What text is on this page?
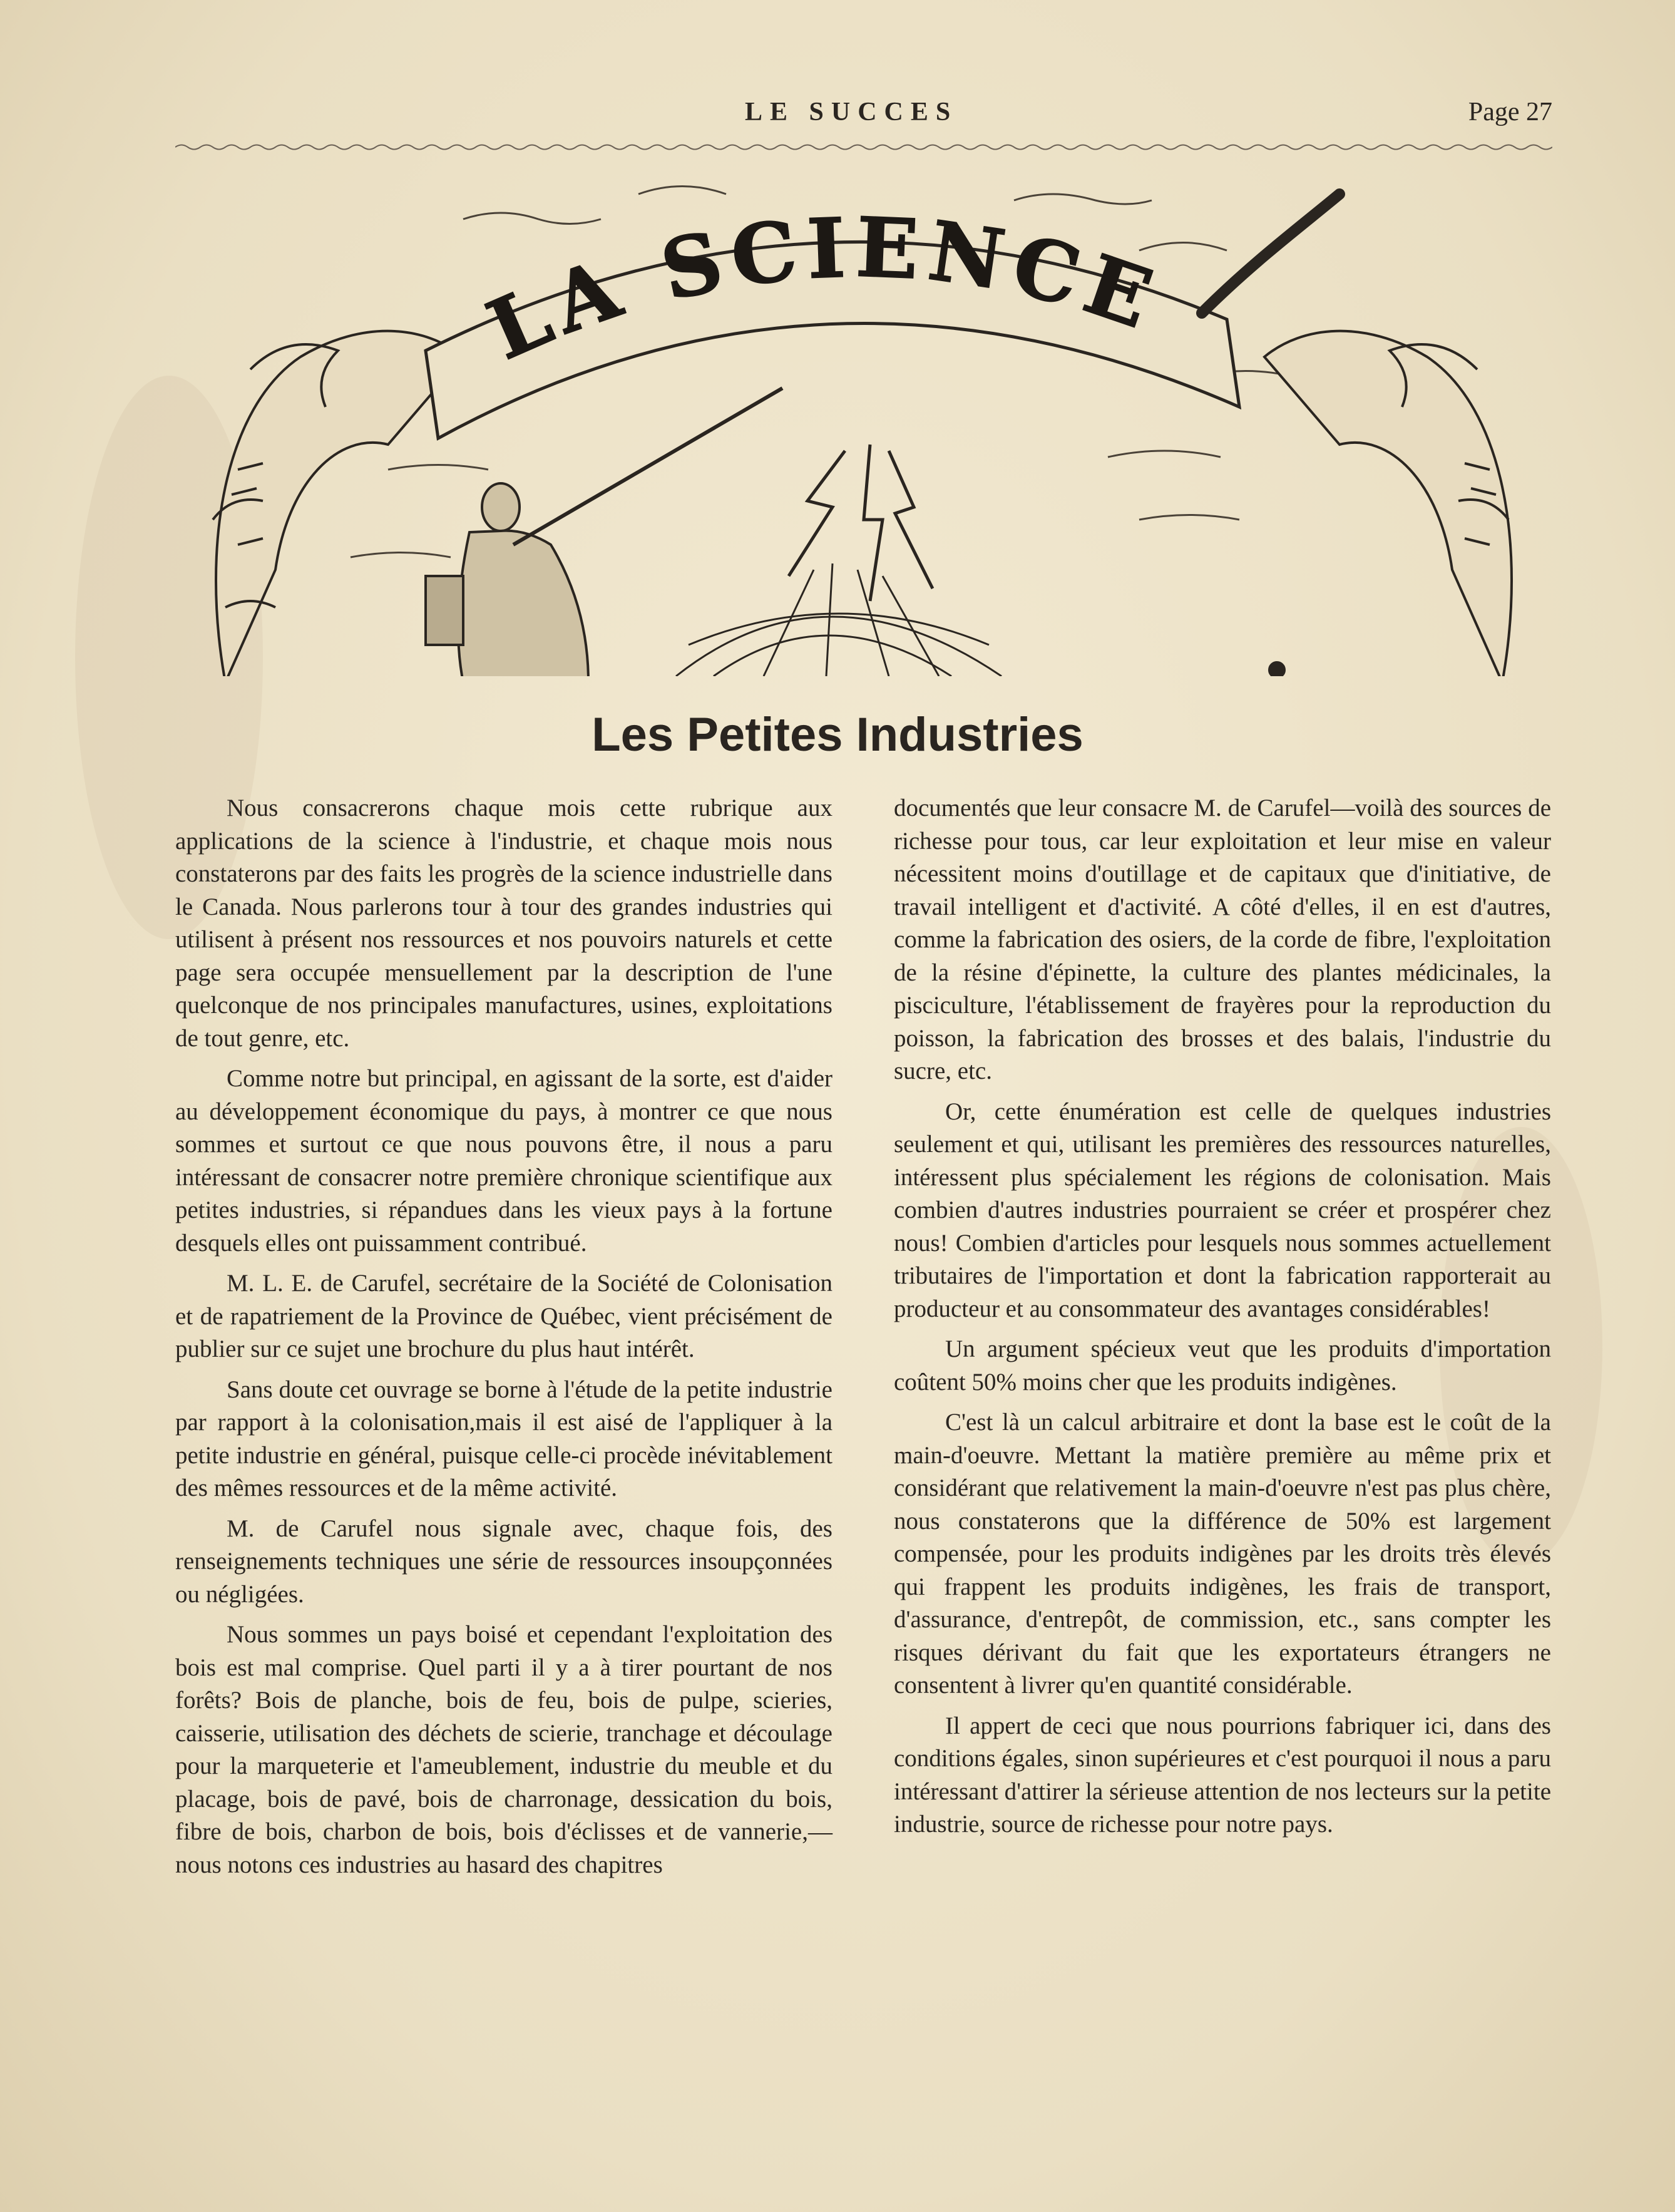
LE SUCCES	Page 27
LA SCIENCE
Les Petites Industries

Nous consacrerons chaque mois cette rubrique aux applications de la science à l'industrie, et chaque mois nous constaterons par des faits les progrès de la science industrielle dans le Canada. Nous parlerons tour à tour des grandes industries qui utilisent à présent nos ressources et nos pouvoirs naturels et cette page sera occupée mensuellement par la description de l'une quelconque de nos principales manufactures, usines, exploitations de tout genre, etc.

Comme notre but principal, en agissant de la sorte, est d'aider au développement économique du pays, à montrer ce que nous sommes et surtout ce que nous pouvons être, il nous a paru intéressant de consacrer notre première chronique scientifique aux petites industries, si répandues dans les vieux pays à la fortune desquels elles ont puissamment contribué.

M. L. E. de Carufel, secrétaire de la Société de Colonisation et de rapatriement de la Province de Québec, vient précisément de publier sur ce sujet une brochure du plus haut intérêt.

Sans doute cet ouvrage se borne à l'étude de la petite industrie par rapport à la colonisation,mais il est aisé de l'appliquer à la petite industrie en général, puisque celle-ci procède inévitablement des mêmes ressources et de la même activité.

M. de Carufel nous signale avec, chaque fois, des renseignements techniques une série de ressources insoupçonnées ou négligées.

Nous sommes un pays boisé et cependant l'exploitation des bois est mal comprise. Quel parti il y a à tirer pourtant de nos forêts? Bois de planche, bois de feu, bois de pulpe, scieries, caisserie, utilisation des déchets de scierie, tranchage et découlage pour la marqueterie et l'ameublement, industrie du meuble et du placage, bois de pavé, bois de charronage, dessication du bois, fibre de bois, charbon de bois, bois d'éclisses et de vannerie,— nous notons ces industries au hasard des chapitres

documentés que leur consacre M. de Carufel—voilà des sources de richesse pour tous, car leur exploitation et leur mise en valeur nécessitent moins d'outillage et de capitaux que d'initiative, de travail intelligent et d'activité. A côté d'elles, il en est d'autres, comme la fabrication des osiers, de la corde de fibre, l'exploitation de la résine d'épinette, la culture des plantes médicinales, la pisciculture, l'établissement de frayères pour la reproduction du poisson, la fabrication des brosses et des balais, l'industrie du sucre, etc.

Or, cette énumération est celle de quelques industries seulement et qui, utilisant les premières des ressources naturelles, intéressent plus spécialement les régions de colonisation. Mais combien d'autres industries pourraient se créer et prospérer chez nous! Combien d'articles pour lesquels nous sommes actuellement tributaires de l'importation et dont la fabrication rapporterait au producteur et au consommateur des avantages considérables!

Un argument spécieux veut que les produits d'importation coûtent 50% moins cher que les produits indigènes.

C'est là un calcul arbitraire et dont la base est le coût de la main-d'oeuvre. Mettant la matière première au même prix et considérant que relativement la main-d'oeuvre n'est pas plus chère, nous constaterons que la différence de 50% est largement compensée, pour les produits indigènes par les droits très élevés qui frappent les produits indigènes, les frais de transport, d'assurance, d'entrepôt, de commission, etc., sans compter les risques dérivant du fait que les exportateurs étrangers ne consentent à livrer qu'en quantité considérable.

Il appert de ceci que nous pourrions fabriquer ici, dans des conditions égales, sinon supérieures et c'est pourquoi il nous a paru intéressant d'attirer la sérieuse attention de nos lecteurs sur la petite industrie, source de richesse pour notre pays.
